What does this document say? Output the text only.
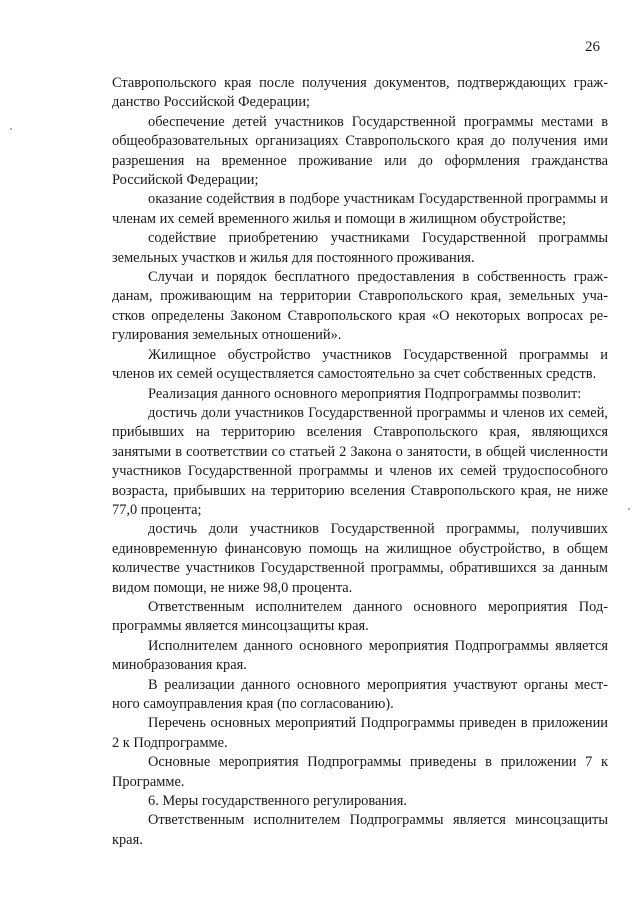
26

Ставропольского края после получения документов, подтверждающих гражданство Российской Федерации;

обеспечение детей участников Государственной программы местами в общеобразовательных организациях Ставропольского края до получения ими разрешения на временное проживание или до оформления гражданства Российской Федерации;

оказание содействия в подборе участникам Государственной программы и членам их семей временного жилья и помощи в жилищном обустройстве;

содействие приобретению участниками Государственной программы земельных участков и жилья для постоянного проживания.

Случаи и порядок бесплатного предоставления в собственность гражданам, проживающим на территории Ставропольского края, земельных участков определены Законом Ставропольского края «О некоторых вопросах регулирования земельных отношений».

Жилищное обустройство участников Государственной программы и членов их семей осуществляется самостоятельно за счет собственных средств.

Реализация данного основного мероприятия Подпрограммы позволит:

достичь доли участников Государственной программы и членов их семей, прибывших на территорию вселения Ставропольского края, являющихся занятыми в соответствии со статьей 2 Закона о занятости, в общей численности участников Государственной программы и членов их семей трудоспособного возраста, прибывших на территорию вселения Ставропольского края, не ниже 77,0 процента;

достичь доли участников Государственной программы, получивших единовременную финансовую помощь на жилищное обустройство, в общем количестве участников Государственной программы, обратившихся за данным видом помощи, не ниже 98,0 процента.

Ответственным исполнителем данного основного мероприятия Подпрограммы является минсоцзащиты края.

Исполнителем данного основного мероприятия Подпрограммы является минобразования края.

В реализации данного основного мероприятия участвуют органы местного самоуправления края (по согласованию).

Перечень основных мероприятий Подпрограммы приведен в приложении 2 к Подпрограмме.

Основные мероприятия Подпрограммы приведены в приложении 7 к Программе.

6. Меры государственного регулирования.

Ответственным исполнителем Подпрограммы является минсоцзащиты края.
